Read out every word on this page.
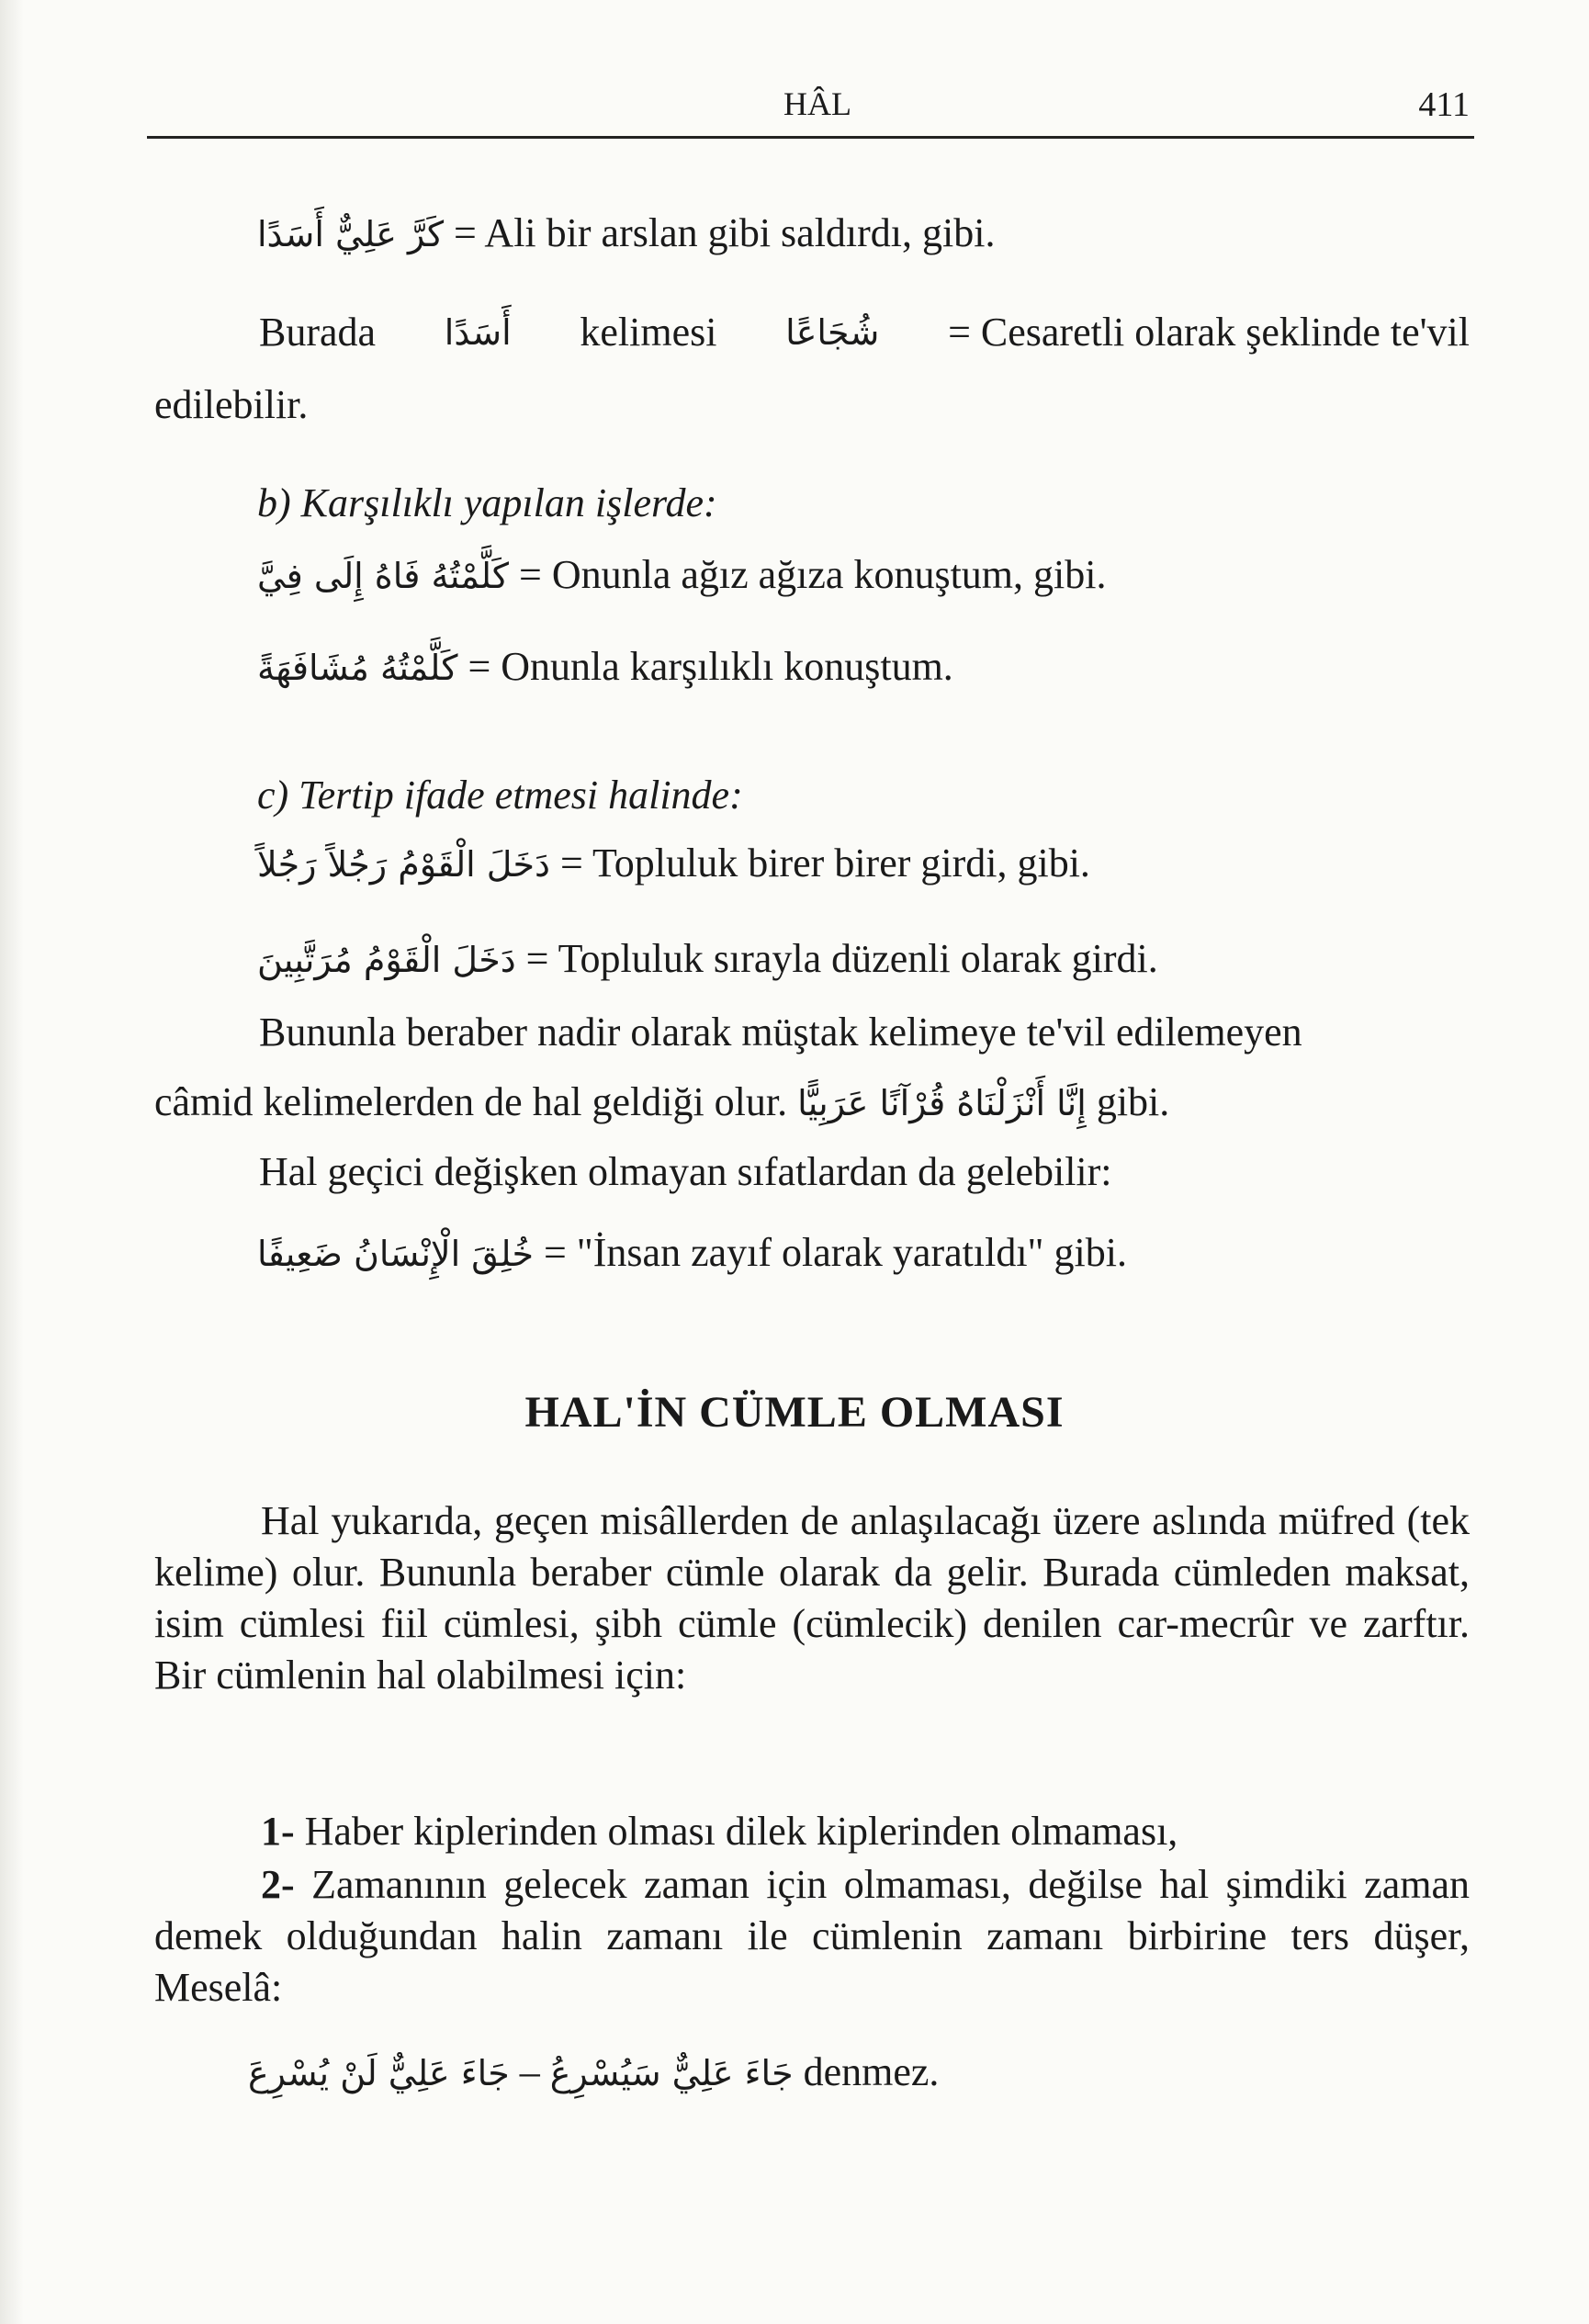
HÂL	411
كَرَّ عَلِيٌّ أَسَدًا = Ali bir arslan gibi saldırdı, gibi.
Burada أَسَدًا kelimesi شُجَاعًا = Cesaretli olarak şeklinde te'vil
edilebilir.
b) Karşılıklı yapılan işlerde:
كَلَّمْتُهُ فَاهُ إِلَى فِيَّ = Onunla ağız ağıza konuştum, gibi.
كَلَّمْتُهُ مُشَافَهَةً = Onunla karşılıklı konuştum.
c) Tertip ifade etmesi halinde:
دَخَلَ الْقَوْمُ رَجُلاً رَجُلاً = Topluluk birer birer girdi, gibi.
دَخَلَ الْقَوْمُ مُرَتَّبِينَ = Topluluk sırayla düzenli olarak girdi.
Bununla beraber nadir olarak müştak kelimeye te'vil edilemeyen
câmid kelimelerden de hal geldiği olur. إِنَّا أَنْزَلْنَاهُ قُرْآنًا عَرَبِيًّا gibi.
Hal geçici değişken olmayan sıfatlardan da gelebilir:
خُلِقَ الْإِنْسَانُ ضَعِيفًا = "İnsan zayıf olarak yaratıldı" gibi.
HAL'İN CÜMLE OLMASI
Hal yukarıda, geçen misâllerden de anlaşılacağı üzere aslında müfred (tek kelime) olur. Bununla beraber cümle olarak da gelir. Burada cümleden maksat, isim cümlesi fiil cümlesi, şibh cümle (cümlecik) denilen car-mecrûr ve zarftır. Bir cümlenin hal olabilmesi için:
1- Haber kiplerinden olması dilek kiplerinden olmaması,
2- Zamanının gelecek zaman için olmaması, değilse hal şimdiki zaman demek olduğundan halin zamanı ile cümlenin zamanı birbirine ters düşer, Meselâ:
جَاءَ عَلِيٌّ لَنْ يُسْرِعَ – جَاءَ عَلِيٌّ سَيُسْرِعُ denmez.
